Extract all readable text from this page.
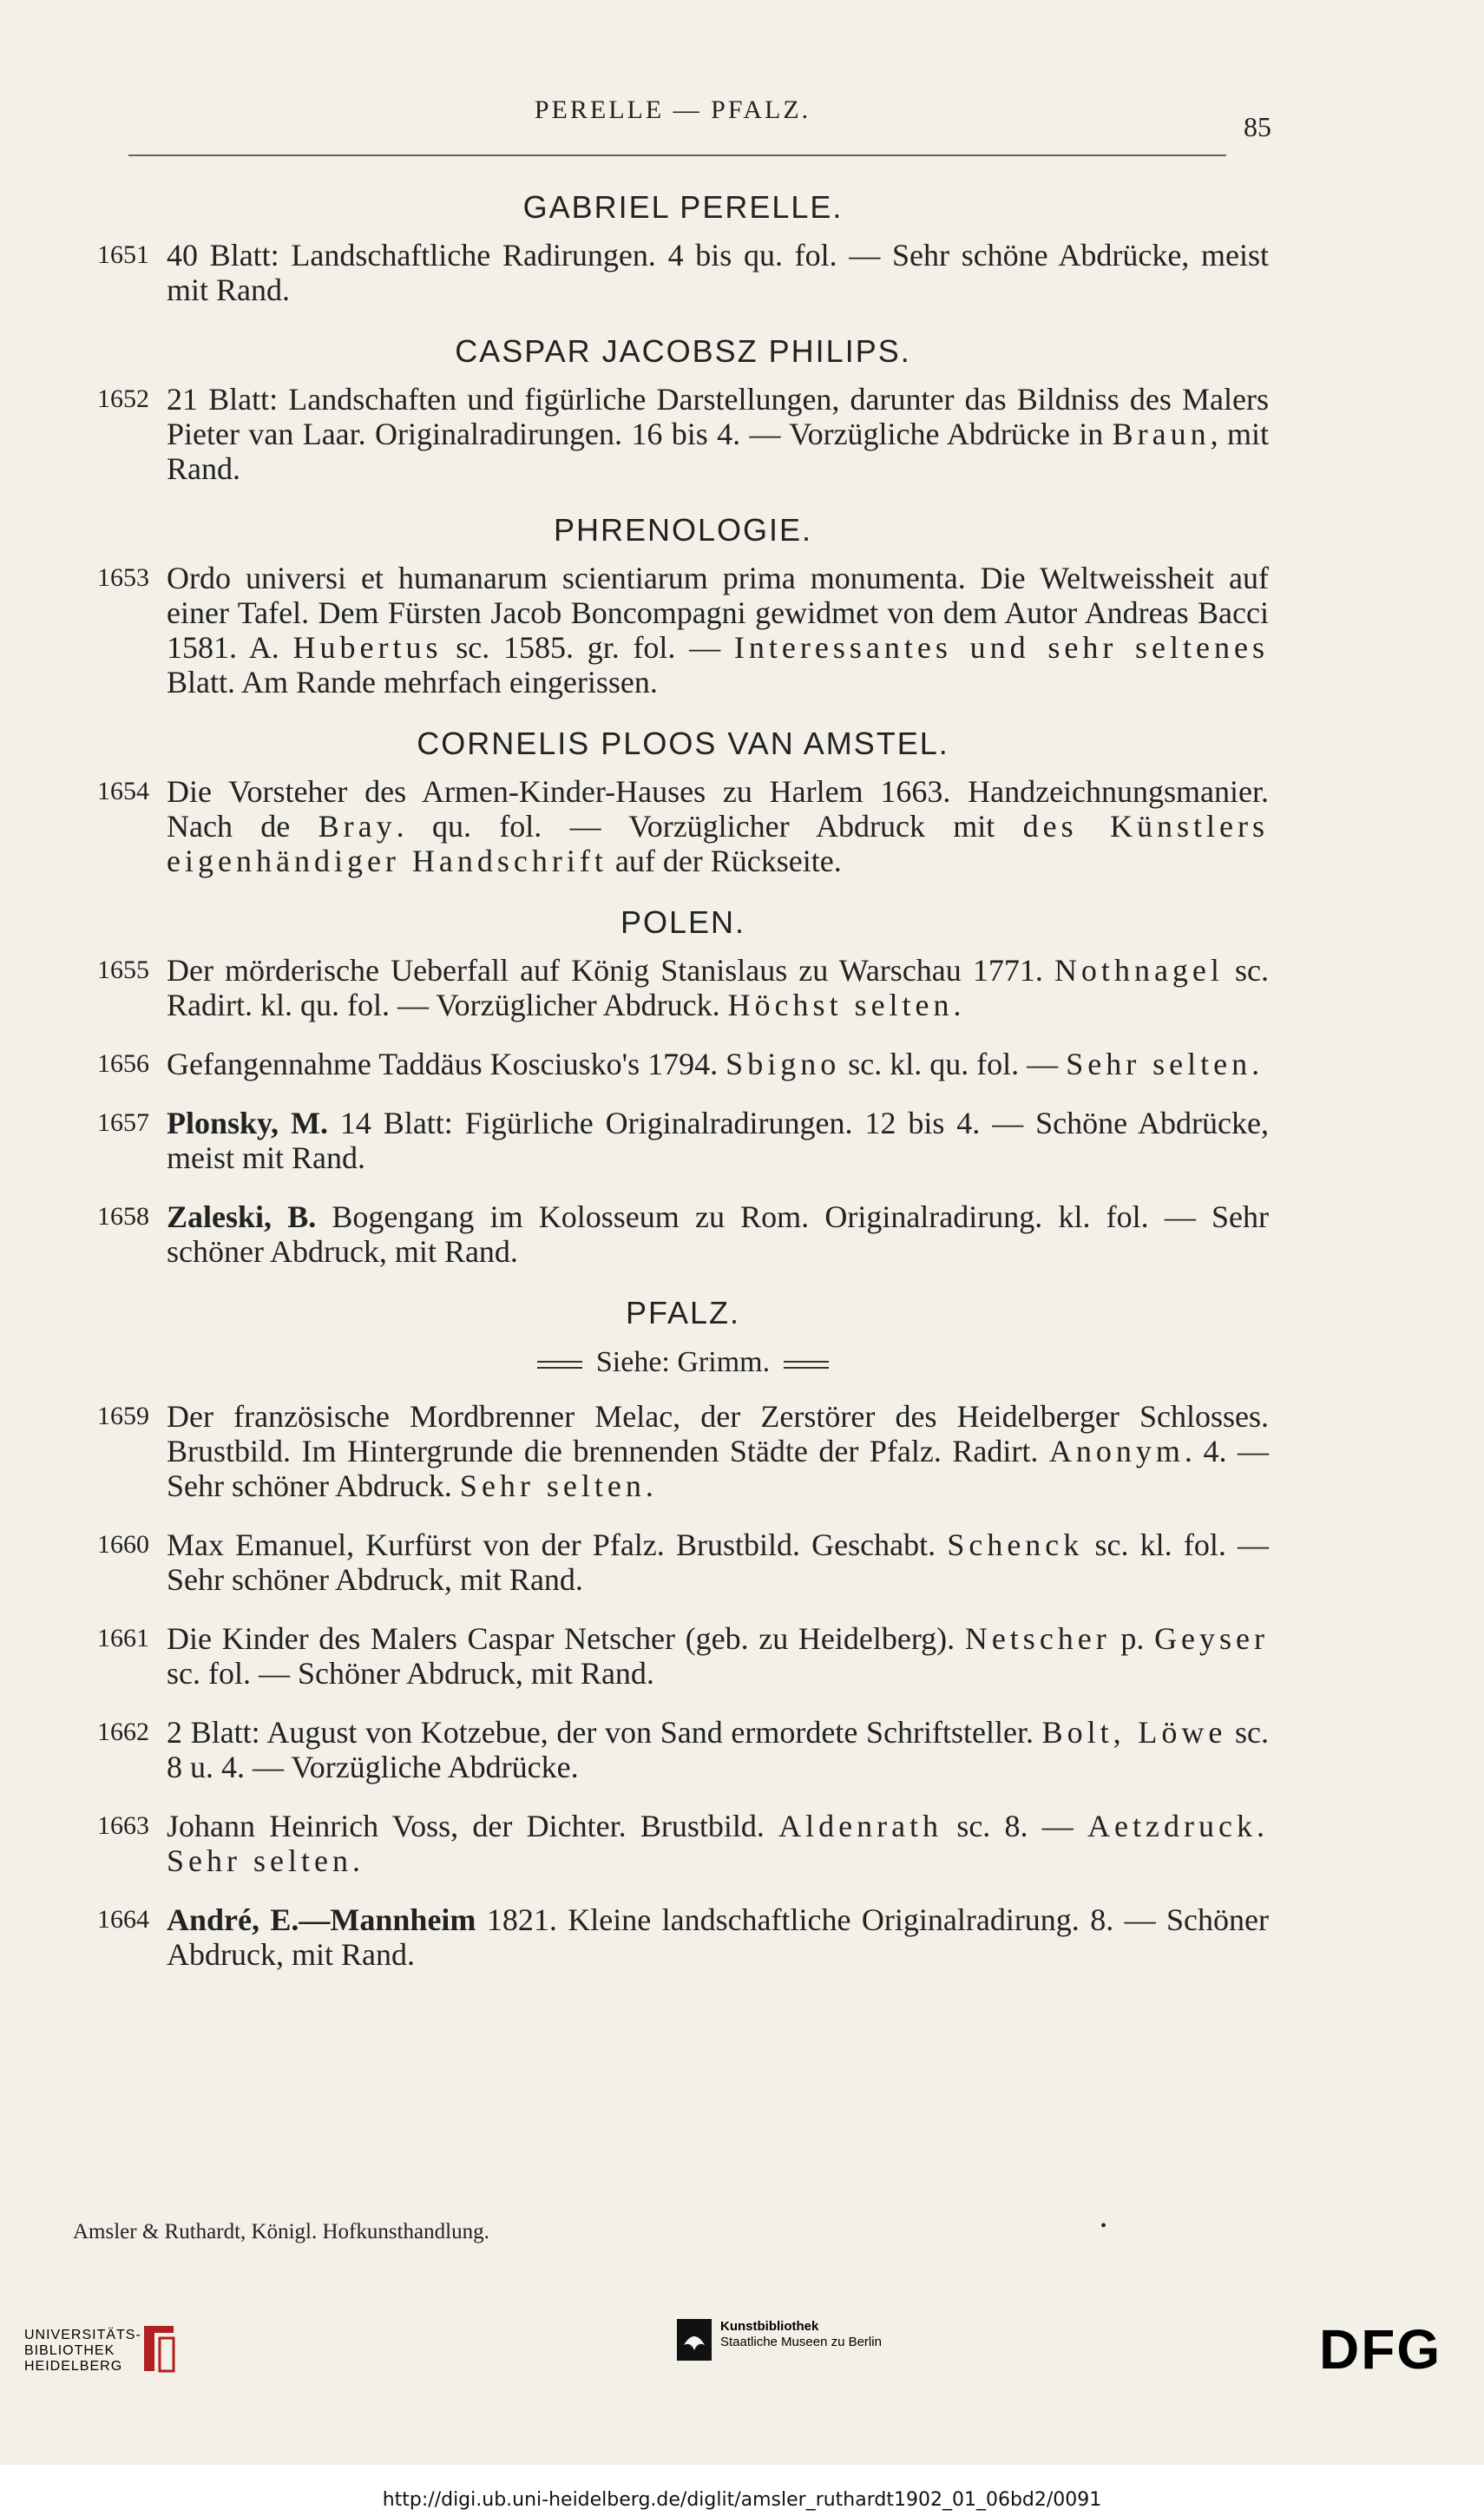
PERELLE — PFALZ.
85
GABRIEL PERELLE.
1651 40 Blatt: Landschaftliche Radirungen. 4 bis qu. fol. — Sehr schöne Abdrücke, meist mit Rand.
CASPAR JACOBSZ PHILIPS.
1652 21 Blatt: Landschaften und figürliche Darstellungen, darunter das Bildniss des Malers Pieter van Laar. Originalradirungen. 16 bis 4. — Vorzügliche Abdrücke in Braun, mit Rand.
PHRENOLOGIE.
1653 Ordo universi et humanarum scientiarum prima monumenta. Die Weltweissheit auf einer Tafel. Dem Fürsten Jacob Boncompagni gewidmet von dem Autor Andreas Bacci 1581. A. Hubertus sc. 1585. gr. fol. — Interessantes und sehr seltenes Blatt. Am Rande mehrfach eingerissen.
CORNELIS PLOOS VAN AMSTEL.
1654 Die Vorsteher des Armen-Kinder-Hauses zu Harlem 1663. Handzeichnungsmanier. Nach de Bray. qu. fol. — Vorzüglicher Abdruck mit des Künstlers eigenhändiger Handschrift auf der Rückseite.
POLEN.
1655 Der mörderische Ueberfall auf König Stanislaus zu Warschau 1771. Nothnagel sc. Radirt. kl. qu. fol. — Vorzüglicher Abdruck. Höchst selten.
1656 Gefangennahme Taddäus Kosciusko's 1794. Sbigno sc. kl. qu. fol. — Sehr selten.
1657 Plonsky, M. 14 Blatt: Figürliche Originalradirungen. 12 bis 4. — Schöne Abdrücke, meist mit Rand.
1658 Zaleski, B. Bogengang im Kolosseum zu Rom. Originalradirung. kl. fol. — Sehr schöner Abdruck, mit Rand.
PFALZ.
Siehe: Grimm.
1659 Der französische Mordbrenner Melac, der Zerstörer des Heidelberger Schlosses. Brustbild. Im Hintergrunde die brennenden Städte der Pfalz. Radirt. Anonym. 4. — Sehr schöner Abdruck. Sehr selten.
1660 Max Emanuel, Kurfürst von der Pfalz. Brustbild. Geschabt. Schenck sc. kl. fol. — Sehr schöner Abdruck, mit Rand.
1661 Die Kinder des Malers Caspar Netscher (geb. zu Heidelberg). Netscher p. Geyser sc. fol. — Schöner Abdruck, mit Rand.
1662 2 Blatt: August von Kotzebue, der von Sand ermordete Schriftsteller. Bolt, Löwe sc. 8 u. 4. — Vorzügliche Abdrücke.
1663 Johann Heinrich Voss, der Dichter. Brustbild. Aldenrath sc. 8. — Aetzdruck. Sehr selten.
1664 André, E.—Mannheim 1821. Kleine landschaftliche Originalradirung. 8. — Schöner Abdruck, mit Rand.
Amsler & Ruthardt, Königl. Hofkunsthandlung.	•
UNIVERSITÄTS-
BIBLIOTHEK
HEIDELBERG
Kunstbibliothek
Staatliche Museen zu Berlin	DFG
http://digi.ub.uni-heidelberg.de/diglit/amsler_ruthardt1902_01_06bd2/0091
